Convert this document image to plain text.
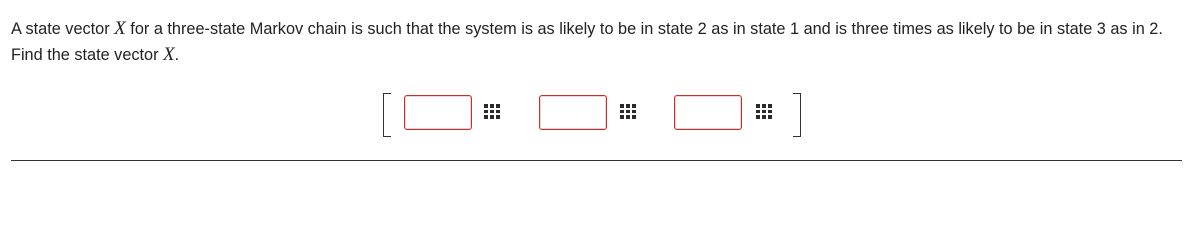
A state vector X for a three-state Markov chain is such that the system is as likely to be in state 2 as in state 1 and is three times as likely to be in state 3 as in 2. Find the state vector X.
